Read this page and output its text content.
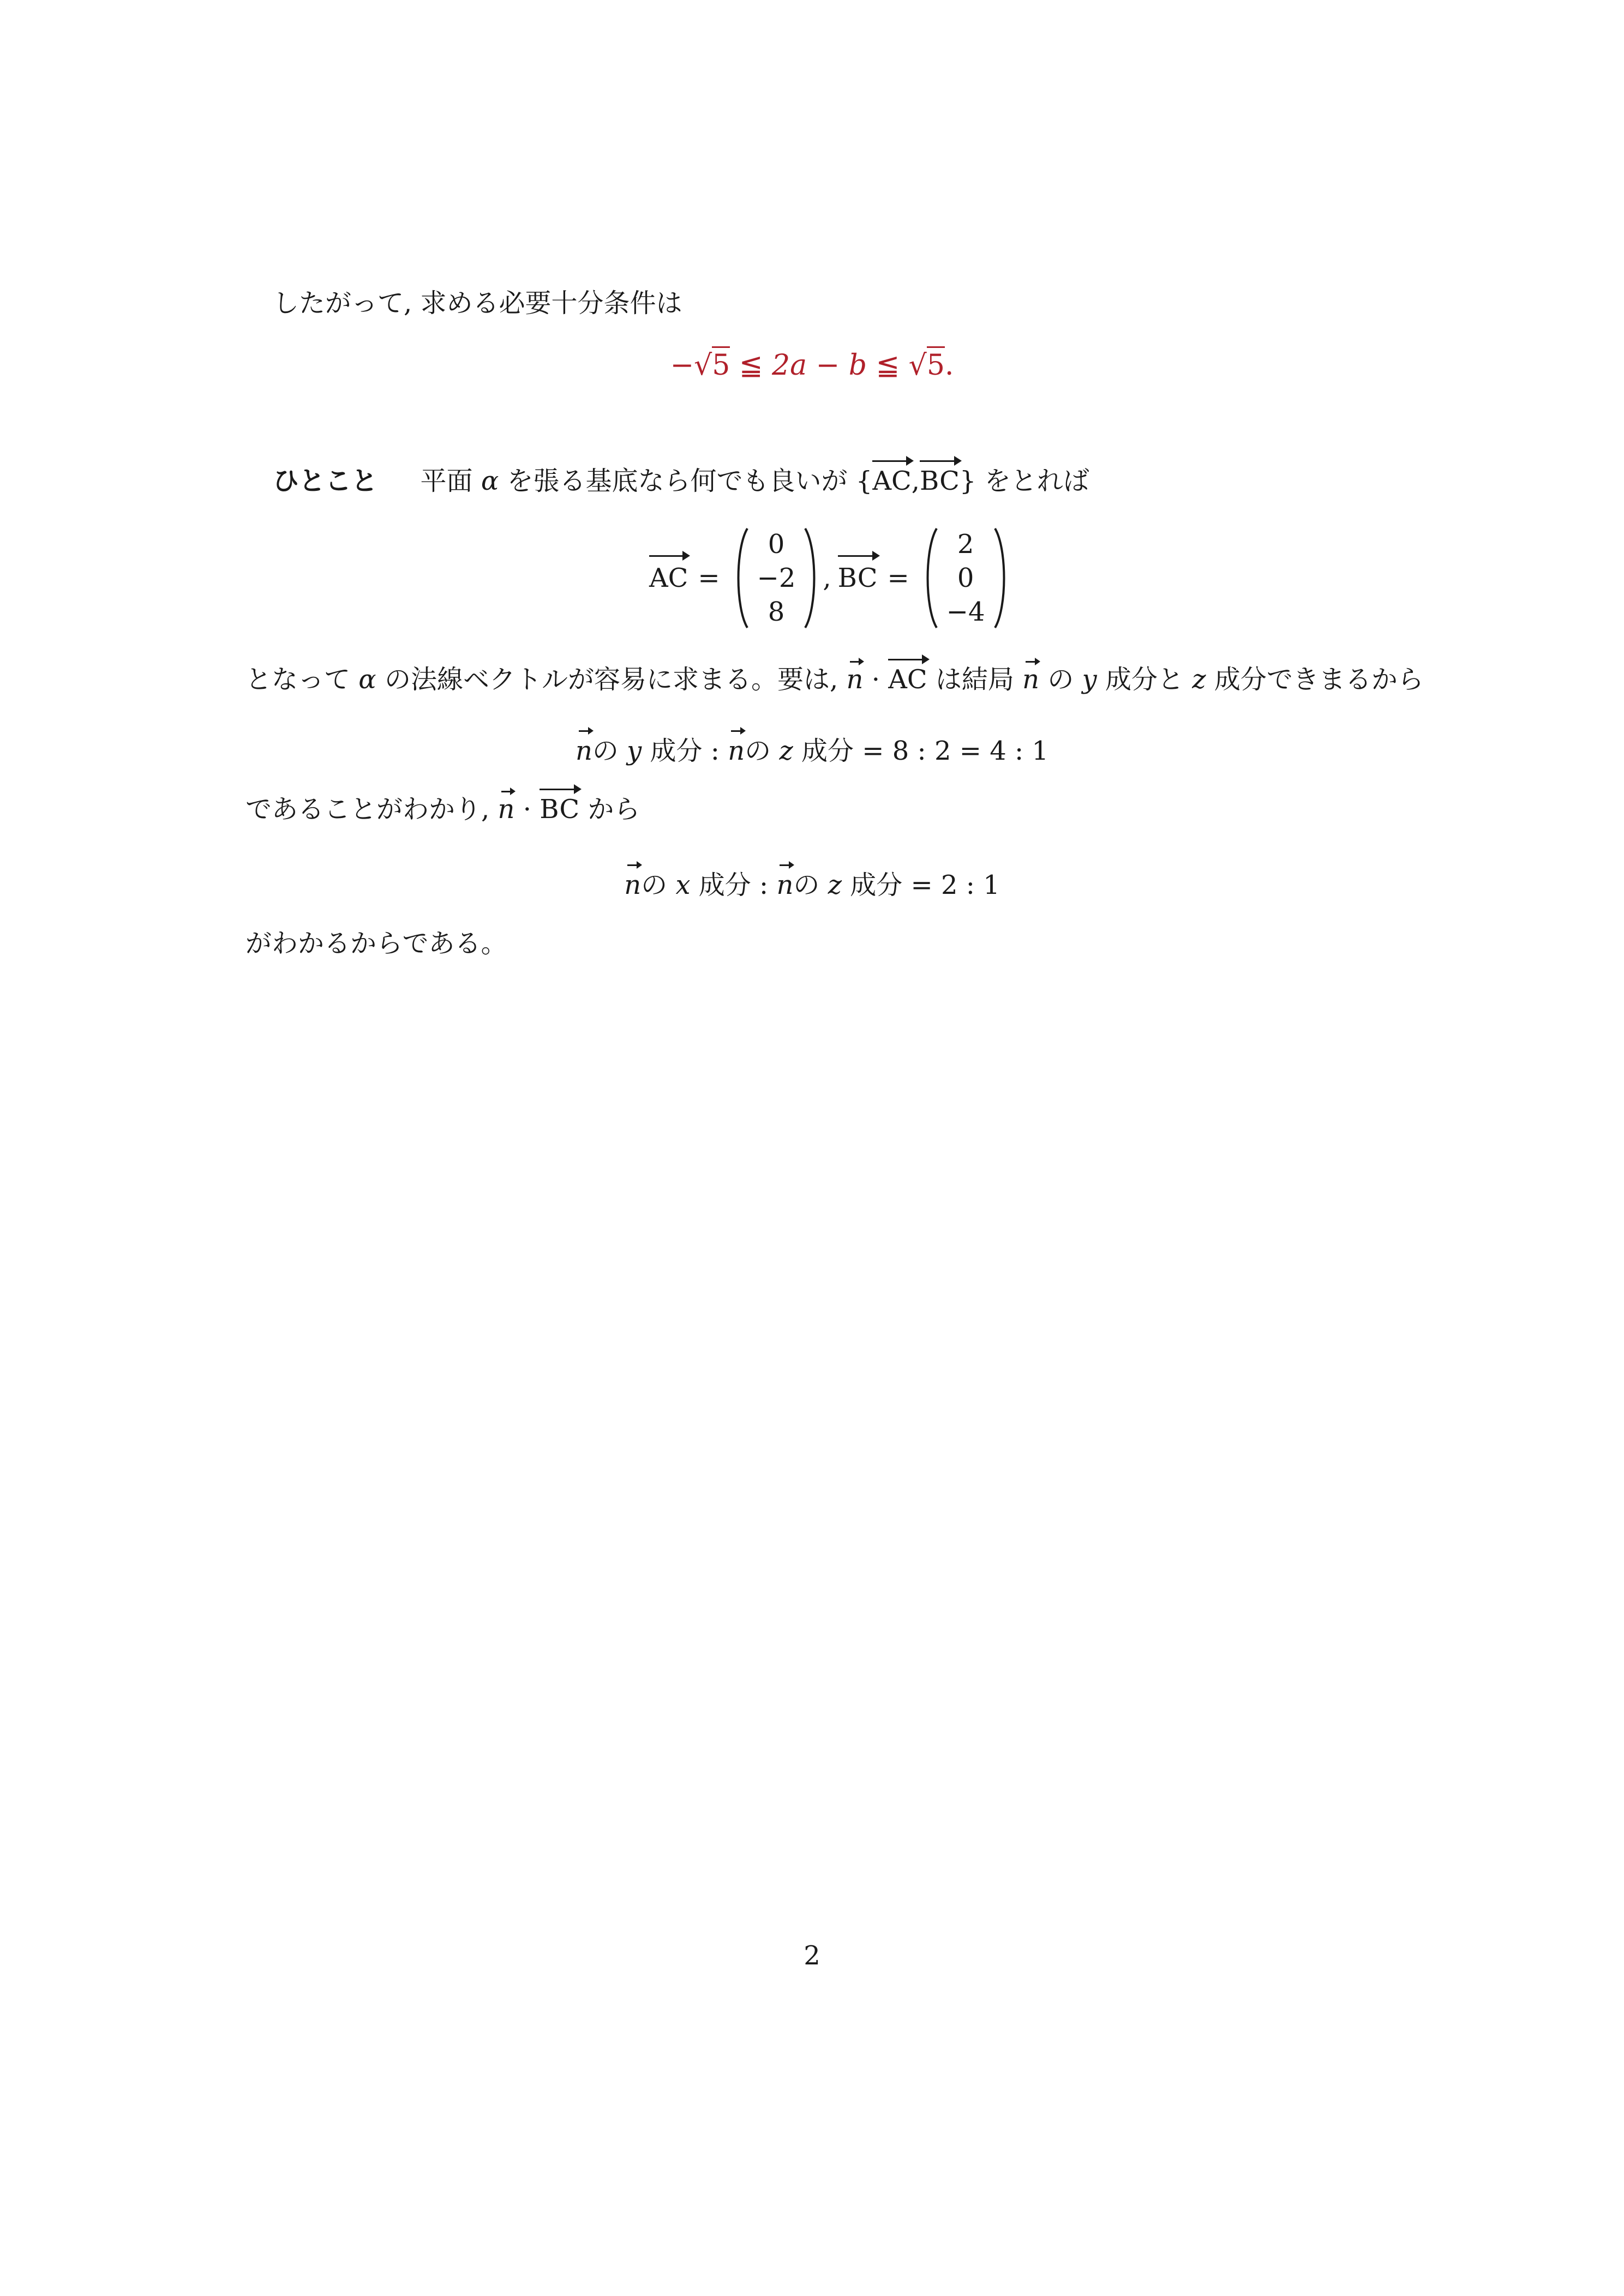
したがって, 求める必要十分条件は
−√5 ≦ 2a − b ≦ √5.
ひとこと 平面 α を張る基底なら何でも良いが {AC,BC} をとれば
AC =
0
−2
8
, BC =
2
0
−4
となって α の法線ベクトルが容易に求まる。要は, n · AC は結局 n の y 成分と z 成分できまるから
nの y 成分 : nの z 成分 = 8 : 2 = 4 : 1
であることがわかり, n · BC から
nの x 成分 : nの z 成分 = 2 : 1
がわかるからである。
2
